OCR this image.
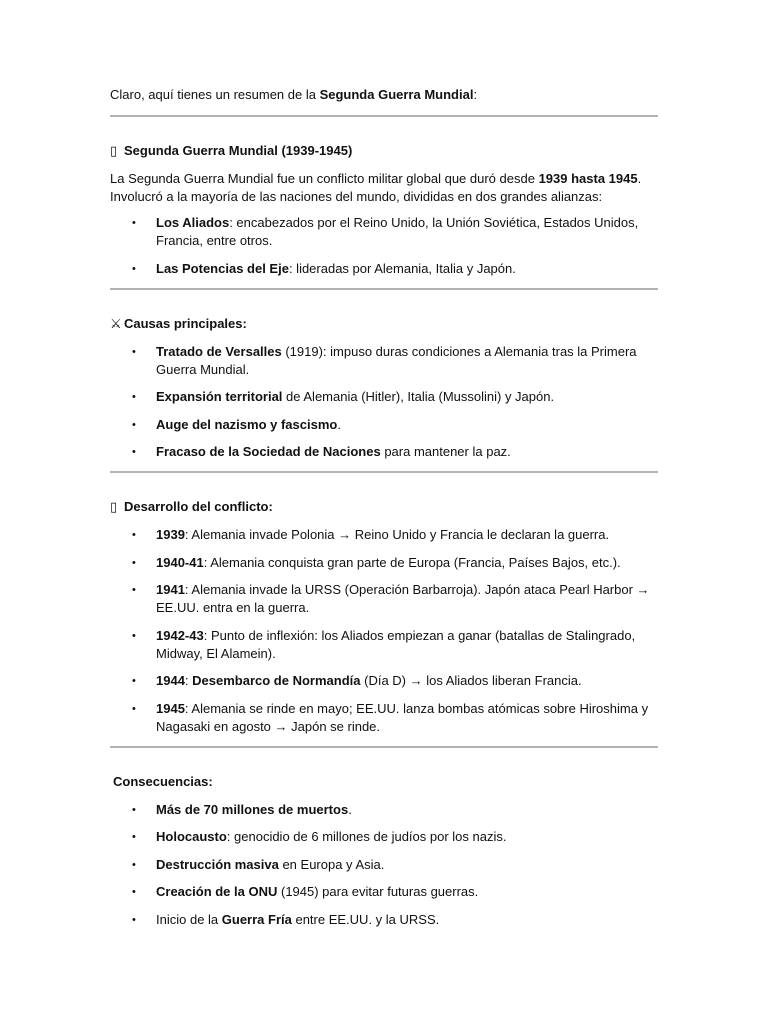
Claro, aquí tienes un resumen de la Segunda Guerra Mundial:

▯ Segunda Guerra Mundial (1939-1945)

La Segunda Guerra Mundial fue un conflicto militar global que duró desde 1939 hasta 1945. Involucró a la mayoría de las naciones del mundo, divididas en dos grandes alianzas:

• Los Aliados: encabezados por el Reino Unido, la Unión Soviética, Estados Unidos, Francia, entre otros.
• Las Potencias del Eje: lideradas por Alemania, Italia y Japón.

⚔ Causas principales:

• Tratado de Versalles (1919): impuso duras condiciones a Alemania tras la Primera Guerra Mundial.
• Expansión territorial de Alemania (Hitler), Italia (Mussolini) y Japón.
• Auge del nazismo y fascismo.
• Fracaso de la Sociedad de Naciones para mantener la paz.

▯ Desarrollo del conflicto:

• 1939: Alemania invade Polonia → Reino Unido y Francia le declaran la guerra.
• 1940-41: Alemania conquista gran parte de Europa (Francia, Países Bajos, etc.).
• 1941: Alemania invade la URSS (Operación Barbarroja). Japón ataca Pearl Harbor → EE.UU. entra en la guerra.
• 1942-43: Punto de inflexión: los Aliados empiezan a ganar (batallas de Stalingrado, Midway, El Alamein).
• 1944: Desembarco de Normandía (Día D) → los Aliados liberan Francia.
• 1945: Alemania se rinde en mayo; EE.UU. lanza bombas atómicas sobre Hiroshima y Nagasaki en agosto → Japón se rinde.

Consecuencias:

• Más de 70 millones de muertos.
• Holocausto: genocidio de 6 millones de judíos por los nazis.
• Destrucción masiva en Europa y Asia.
• Creación de la ONU (1945) para evitar futuras guerras.
• Inicio de la Guerra Fría entre EE.UU. y la URSS.
